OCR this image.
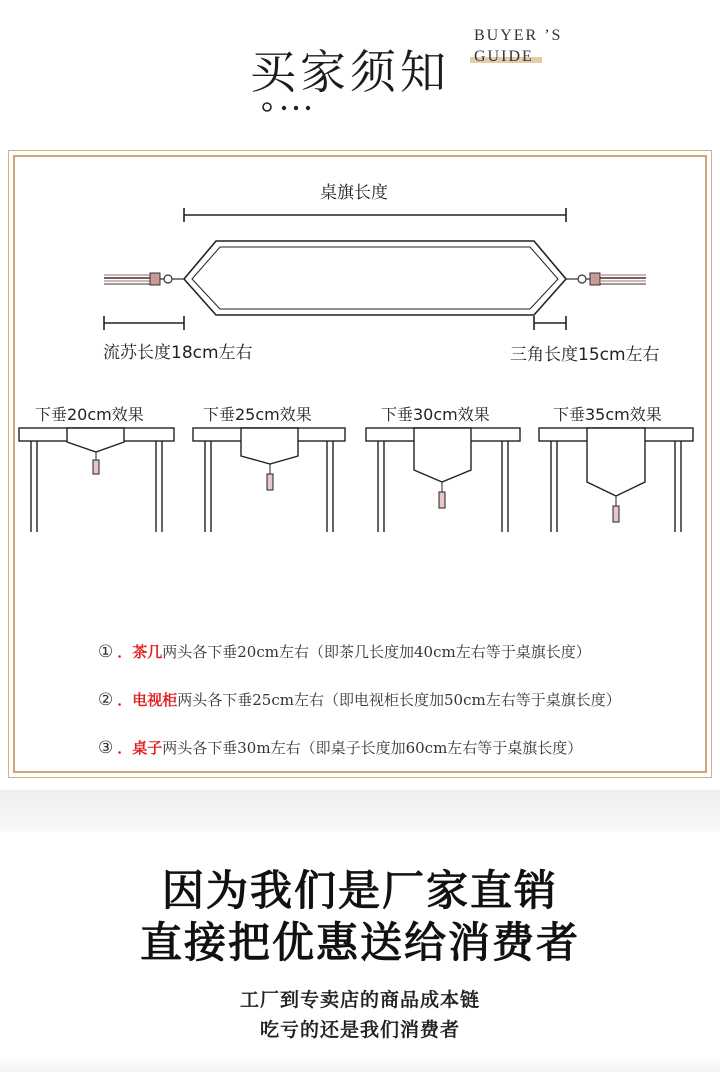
买家须知
BUYER ’S
GUIDE
桌旗长度
流苏长度18cm左右	三角长度15cm左右
下垂20cm效果	下垂25cm效果	下垂30cm效果	下垂35cm效果
① ．茶几两头各下垂20cm左右（即茶几长度加40cm左右等于桌旗长度）
② ．电视柜两头各下垂25cm左右（即电视柜长度加50cm左右等于桌旗长度）
③ ．桌子两头各下垂30m左右（即桌子长度加60cm左右等于桌旗长度）
因为我们是厂家直销
直接把优惠送给消费者
工厂到专卖店的商品成本链
吃亏的还是我们消费者
